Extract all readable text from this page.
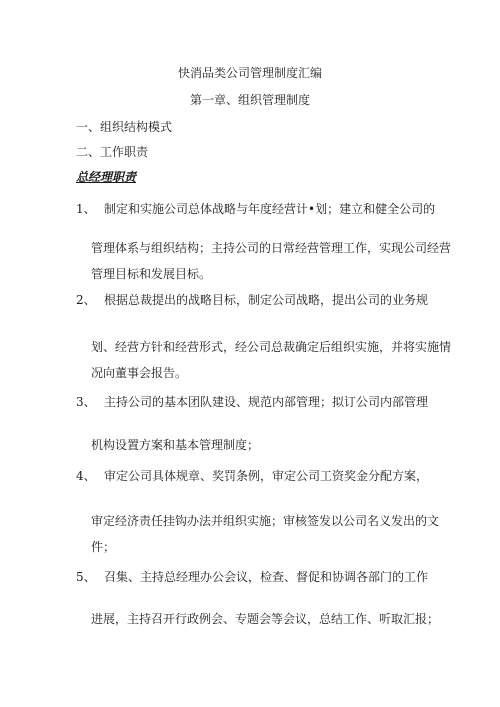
快消品类公司管理制度汇编
第一章、组织管理制度
一、组织结构模式
二、工作职责
总经理职责
1、 制定和实施公司总体战略与年度经营计•划；建立和健全公司的
管理体系与组织结构；主持公司的日常经营管理工作，实现公司经营
管理目标和发展目标。
2、 根据总裁提出的战略目标，制定公司战略，提出公司的业务规
划、经营方针和经营形式，经公司总裁确定后组织实施，并将实施情
况向董事会报告。
3、 主持公司的基本团队建设、规范内部管理；拟订公司内部管理
机构设置方案和基本管理制度；
4、 审定公司具体规章、奖罚条例，审定公司工资奖金分配方案，
审定经济责任挂钩办法并组织实施；审核签发以公司名义发出的文
件；
5、 召集、主持总经理办公会议，检查、督促和协调各部门的工作
进展，主持召开行政例会、专题会等会议，总结工作、听取汇报；
